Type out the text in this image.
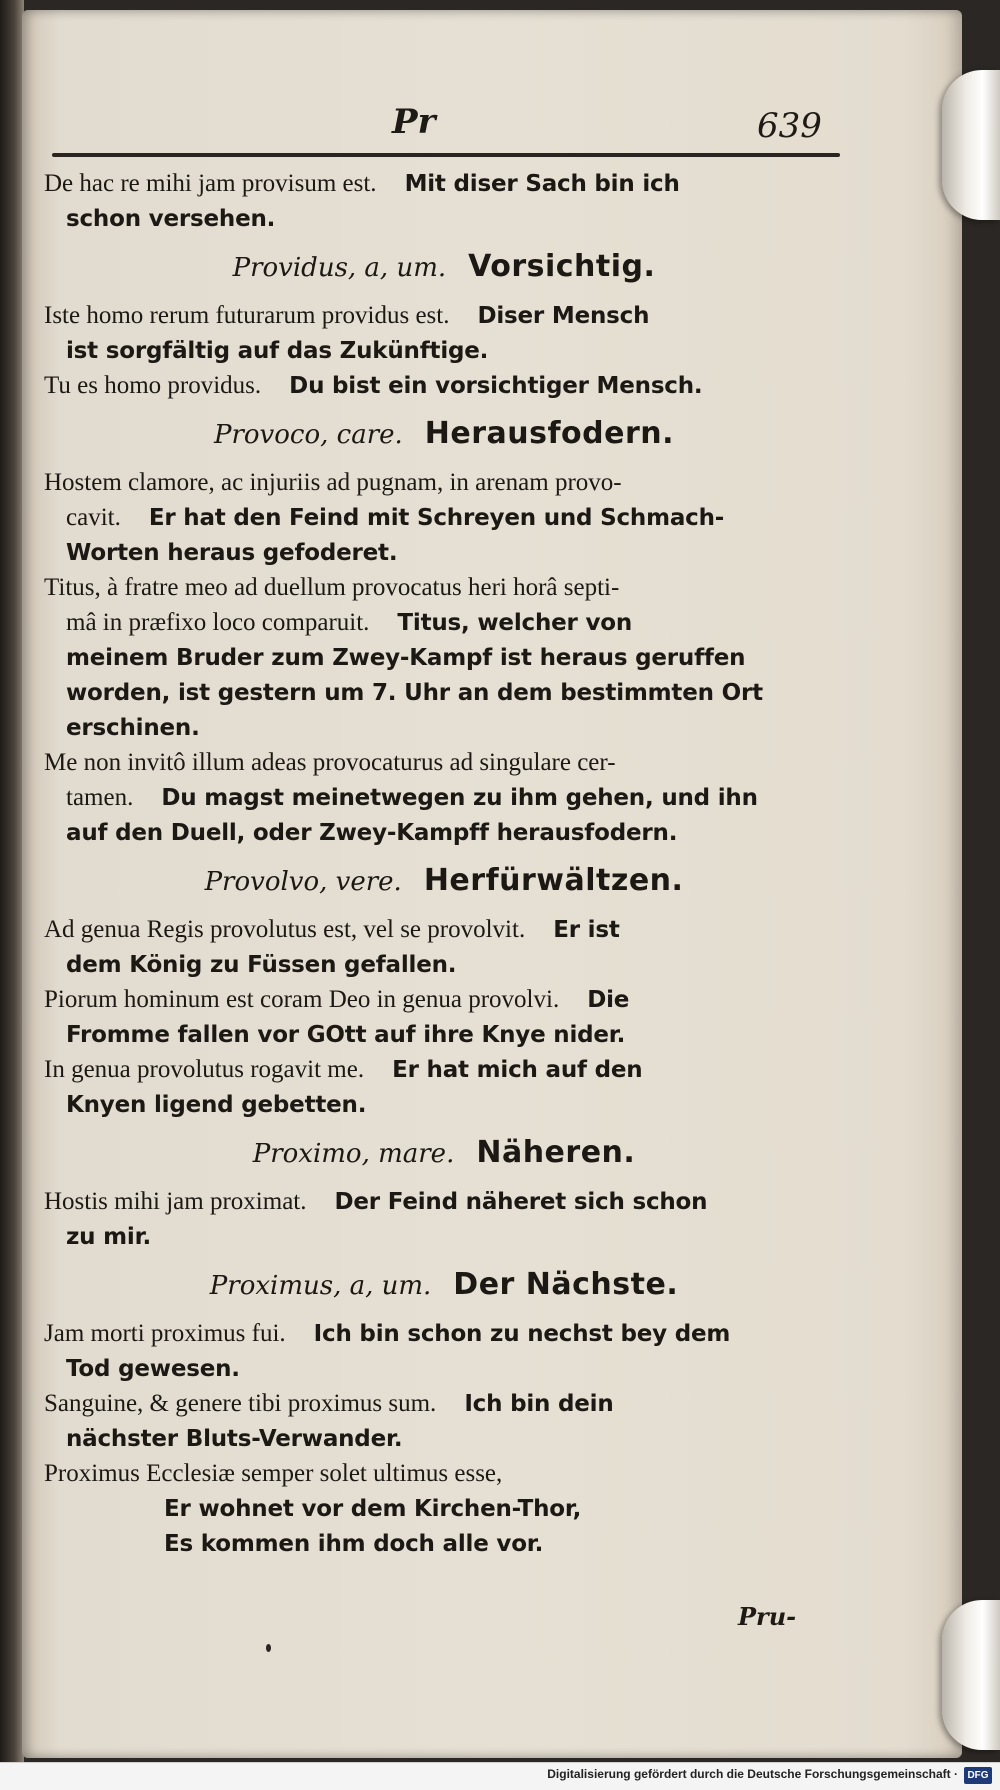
Pr	639
De hac re mihi jam provisum est. Mit diser Sach bin ich
schon versehen.
Providus, a, um. Vorsichtig.
Iste homo rerum futurarum providus est. Diser Mensch
ist sorgfältig auf das Zukünftige.
Tu es homo providus. Du bist ein vorsichtiger Mensch.
Provoco, care. Herausfodern.
Hostem clamore, ac injuriis ad pugnam, in arenam provo-
cavit. Er hat den Feind mit Schreyen und Schmach-
Worten heraus gefoderet.
Titus, à fratre meo ad duellum provocatus heri horâ septi-
mâ in præfixo loco comparuit. Titus, welcher von
meinem Bruder zum Zwey-Kampf ist heraus geruffen
worden, ist gestern um 7. Uhr an dem bestimmten Ort
erschinen.
Me non invitô illum adeas provocaturus ad singulare cer-
tamen. Du magst meinetwegen zu ihm gehen, und ihn
auf den Duell, oder Zwey-Kampff herausfodern.
Provolvo, vere. Herfürwältzen.
Ad genua Regis provolutus est, vel se provolvit. Er ist
dem König zu Füssen gefallen.
Piorum hominum est coram Deo in genua provolvi. Die
Fromme fallen vor GOtt auf ihre Knye nider.
In genua provolutus rogavit me. Er hat mich auf den
Knyen ligend gebetten.
Proximo, mare. Näheren.
Hostis mihi jam proximat. Der Feind näheret sich schon
zu mir.
Proximus, a, um. Der Nächste.
Jam morti proximus fui. Ich bin schon zu nechst bey dem
Tod gewesen.
Sanguine, & genere tibi proximus sum. Ich bin dein
nächster Bluts-Verwander.
Proximus Ecclesiæ semper solet ultimus esse,
Er wohnet vor dem Kirchen-Thor,
Es kommen ihm doch alle vor.
Pru-
Digitalisierung gefördert durch die Deutsche Forschungsgemeinschaft · DFG
